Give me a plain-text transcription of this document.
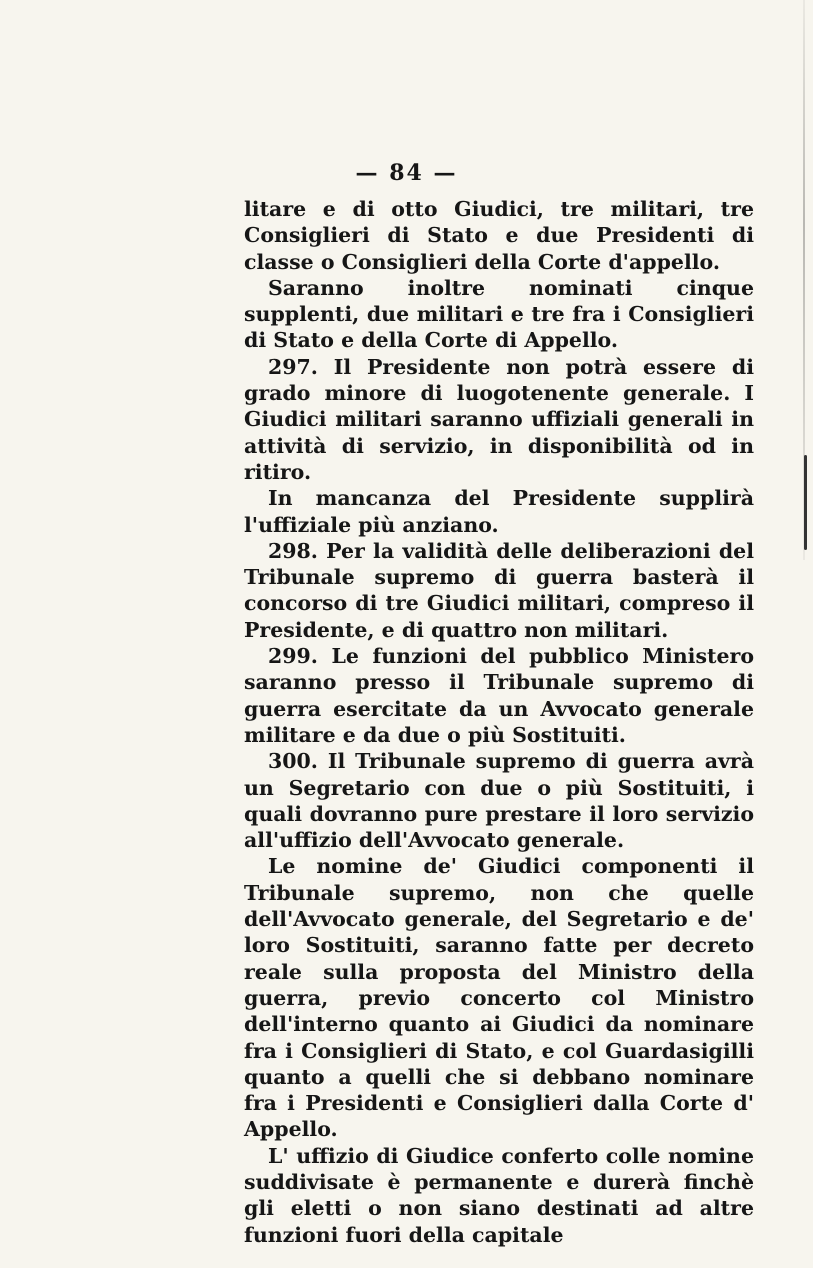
— 84 —

litare e di otto Giudici, tre militari, tre Consiglieri di Stato e due Presidenti di classe o Consiglieri della Corte d'appello.

Saranno inoltre nominati cinque supplenti, due militari e tre fra i Consiglieri di Stato e della Corte di Appello.

297. Il Presidente non potrà essere di grado minore di luogotenente generale. I Giudici militari saranno uffiziali generali in attività di servizio, in disponibilità od in ritiro.

In mancanza del Presidente supplirà l'uffiziale più anziano.

298. Per la validità delle deliberazioni del Tribunale supremo di guerra basterà il concorso di tre Giudici militari, compreso il Presidente, e di quattro non militari.

299. Le funzioni del pubblico Ministero saranno presso il Tribunale supremo di guerra esercitate da un Avvocato generale militare e da due o più Sostituiti.

300. Il Tribunale supremo di guerra avrà un Segretario con due o più Sostituiti, i quali dovranno pure prestare il loro servizio all'uffizio dell'Avvocato generale.

Le nomine de' Giudici componenti il Tribunale supremo, non che quelle dell'Avvocato generale, del Segretario e de' loro Sostituiti, saranno fatte per decreto reale sulla proposta del Ministro della guerra, previo concerto col Ministro dell'interno quanto ai Giudici da nominare fra i Consiglieri di Stato, e col Guardasigilli quanto a quelli che si debbano nominare fra i Presidenti e Consiglieri dalla Corte d' Appello.

L' uffizio di Giudice conferto colle nomine suddivisate è permanente e durerà finchè gli eletti o non siano destinati ad altre funzioni fuori della capitale
